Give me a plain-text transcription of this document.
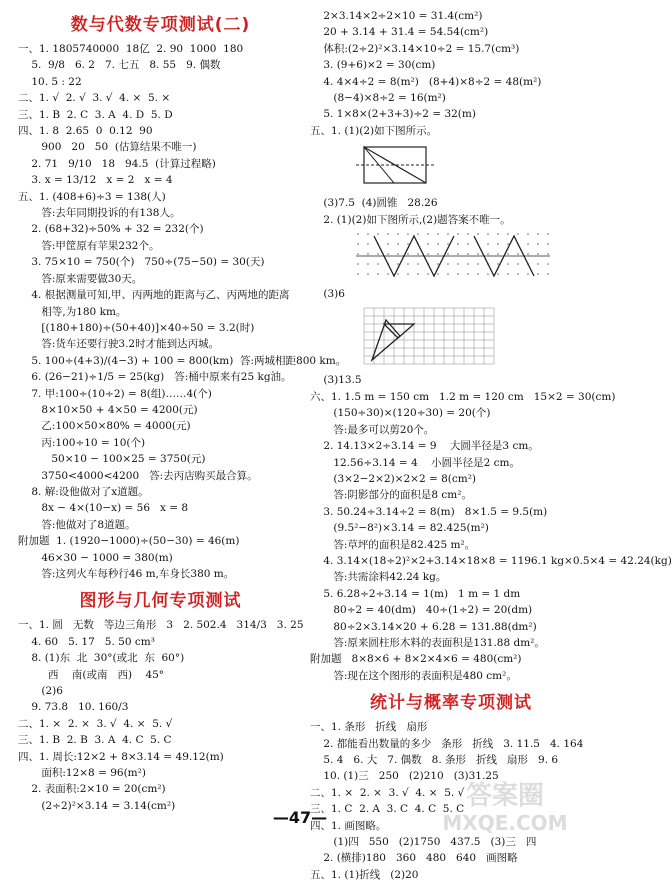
数与代数专项测试(二)
一、1. 1805740000  18亿  2. 90  1000  180
5.  9/8   6. 2   7. 七五   8. 55   9. 偶数
10. 5 : 22
二、1. √  2. √  3. √  4. ×  5. ×
三、1. B  2. C  3. A  4. D  5. D
四、1. 8  2.65  0  0.12  90
900   20   50  (估算结果不唯一)
2. 71   9/10   18   94.5  (计算过程略)
3. x = 13/12   x = 2   x = 4
五、1. (408+6)÷3 = 138(人)
答:去年同期投诉的有138人。
2. (68+32)÷50% + 32 = 232(个)
答:甲筐原有苹果232个。
3. 75×10 = 750(个)   750÷(75−50) = 30(天)
答:原来需要做30天。
4. 根据测量可知,甲、丙两地的距离与乙、丙两地的距离
相等,为180 km。
[(180+180)÷(50+40)]×40÷50 = 3.2(时)
答:货车还要行驶3.2时才能到达丙城。
5. 100÷(4+3)/(4−3) + 100 = 800(km)  答:两城相距800 km。
6. (26−21)÷1/5 = 25(kg)   答:桶中原来有25 kg油。
7. 甲:100÷(10÷2) = 8(组)……4(个)
8×10×50 + 4×50 = 4200(元)
乙:100×50×80% = 4000(元)
丙:100÷10 = 10(个)
50×10 − 100×25 = 3750(元)
3750<4000<4200   答:去丙店购买最合算。
8. 解:设他做对了x道题。
8x − 4×(10−x) = 56   x = 8
答:他做对了8道题。
附加题  1. (1920−1000)÷(50−30) = 46(m)
46×30 − 1000 = 380(m)
答:这列火车每秒行46 m,车身长380 m。
图形与几何专项测试
一、1. 圆   无数   等边三角形   3   2. 502.4   314/3   3. 25
4. 60   5. 17   5. 50 cm³
8. (1)东  北  30°(或北  东  60°)
西    南(或南   西)    45°
(2)6
9. 73.8   10. 160/3
二、1. ×  2. ×  3. √  4. ×  5. √
三、1. B  2. B  3. A  4. C  5. C
四、1. 周长:12×2 + 8×3.14 = 49.12(m)
面积:12×8 = 96(m²)
2. 表面积:2×10 = 20(cm²)
(2÷2)²×3.14 = 3.14(cm²)
2×3.14×2÷2×10 = 31.4(cm²)
20 + 3.14 + 31.4 = 54.54(cm²)
体积:(2÷2)²×3.14×10÷2 = 15.7(cm³)
3. (9+6)×2 = 30(cm)
4. 4×4÷2 = 8(m²)   (8+4)×8÷2 = 48(m²)
(8−4)×8÷2 = 16(m²)
5. 1×8×(2+3+3)÷2 = 32(m)
五、1. (1)(2)如下图所示。
(3)7.5  (4)圆锥   28.26
2. (1)(2)如下图所示,(2)题答案不唯一。
(3)6
(3)13.5
六、1. 1.5 m = 150 cm   1.2 m = 120 cm   15×2 = 30(cm)
(150÷30)×(120÷30) = 20(个)
答:最多可以剪20个。
2. 14.13×2÷3.14 = 9    大圆半径是3 cm。
12.56÷3.14 = 4    小圆半径是2 cm。
(3×2−2×2)×2×2 = 8(cm²)
答:阴影部分的面积是8 cm²。
3. 50.24÷3.14÷2 = 8(m)   8×1.5 = 9.5(m)
(9.5²−8²)×3.14 = 82.425(m²)
答:草坪的面积是82.425 m²。
4. 3.14×(18÷2)²×2+3.14×18×8 = 1196.1 kg×0.5×4 = 42.24(kg)
答:共需涂料42.24 kg。
5. 6.28÷2÷3.14 = 1(m)   1 m = 1 dm
80÷2 = 40(dm)   40÷(1÷2) = 20(dm)
80÷2×3.14×20 + 6.28 = 131.88(dm²)
答:原来圆柱形木料的表面积是131.88 dm²。
附加题   8×8×6 + 8×2×4×6 = 480(cm²)
答:现在这个图形的表面积是480 cm²。
统计与概率专项测试
一、1. 条形   折线   扇形
2. 都能看出数量的多少   条形   折线   3. 11.5   4. 164
5. 4   6. 大   7. 偶数   8. 条形   折线   扇形   9. 6
10. (1)三   250   (2)210   (3)31.25
二、1. ×  2. ×  3. √  4. ×  5. √
三、1. C  2. A  3. C  4. C  5. C
四、1. 画图略。
(1)四   550   (2)1750   437.5   (3)三   四
2. (横排)180   360   480   640   画图略
五、1. (1)折线   (2)20
—47—
答案圈
MXQE.COM
